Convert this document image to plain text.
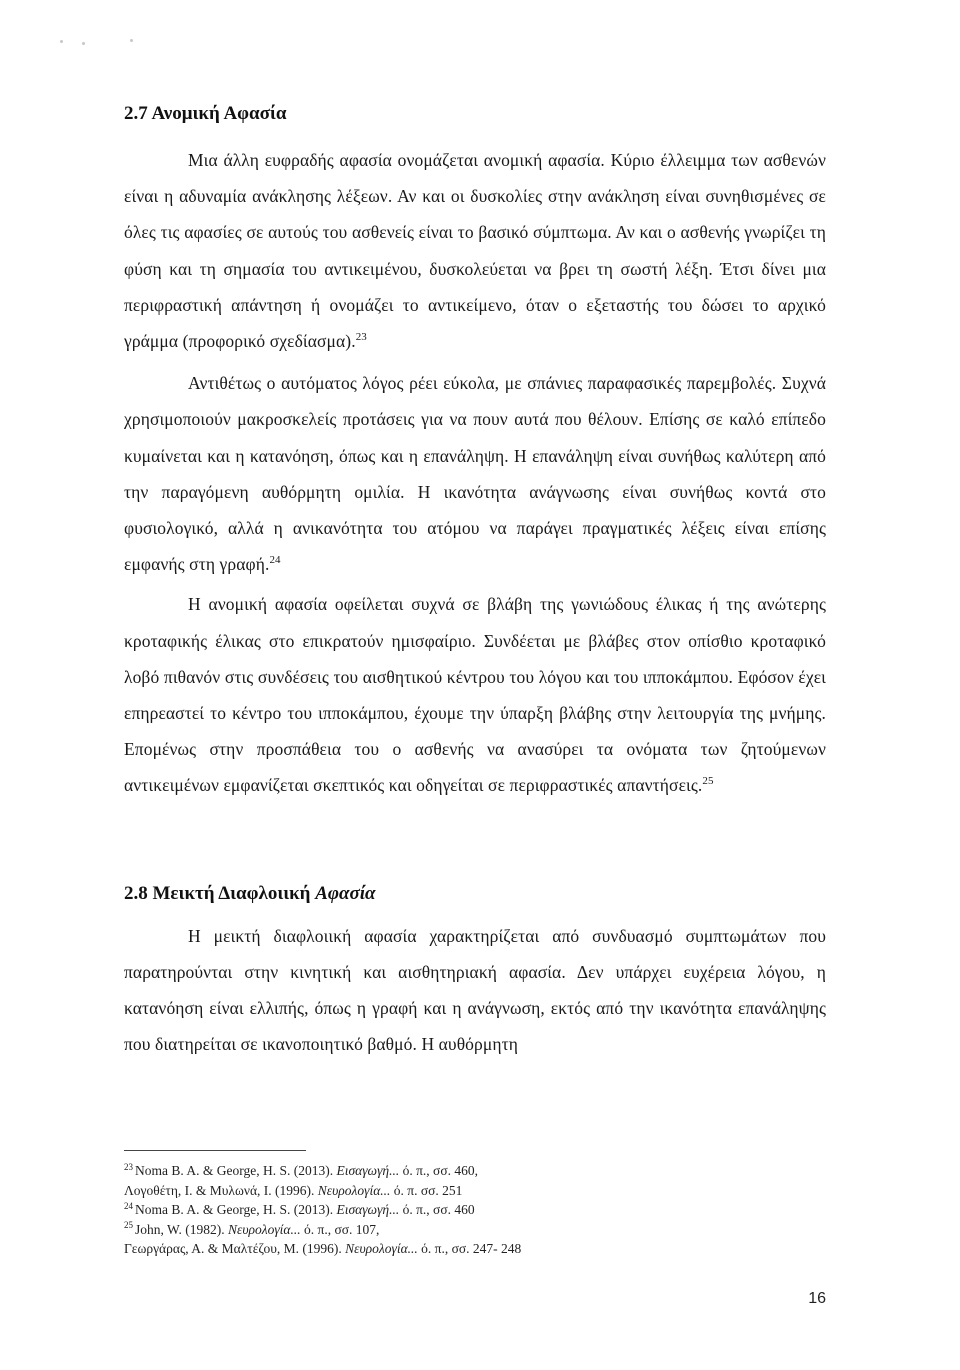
2.7 Ανομική Αφασία

Μια άλλη ευφραδής αφασία ονομάζεται ανομική αφασία. Κύριο έλλειμμα των ασθενών είναι η αδυναμία ανάκλησης λέξεων. Αν και οι δυσκολίες στην ανάκληση είναι συνηθισμένες σε όλες τις αφασίες σε αυτούς του ασθενείς είναι το βασικό σύμπτωμα. Αν και ο ασθενής γνωρίζει τη φύση και τη σημασία του αντικειμένου, δυσκολεύεται να βρει τη σωστή λέξη. Έτσι δίνει μια περιφραστική απάντηση ή ονομάζει το αντικείμενο, όταν ο εξεταστής του δώσει το αρχικό γράμμα (προφορικό σχεδίασμα).$^{23}$

Αντιθέτως ο αυτόματος λόγος ρέει εύκολα, με σπάνιες παραφασικές παρεμβολές. Συχνά χρησιμοποιούν μακροσκελείς προτάσεις για να πουν αυτά που θέλουν. Επίσης σε καλό επίπεδο κυμαίνεται και η κατανόηση, όπως και η επανάληψη. Η επανάληψη είναι συνήθως καλύτερη από την παραγόμενη αυθόρμητη ομιλία. Η ικανότητα ανάγνωσης είναι συνήθως κοντά στο φυσιολογικό, αλλά η ανικανότητα του ατόμου να παράγει πραγματικές λέξεις είναι επίσης εμφανής στη γραφή.$^{24}$

Η ανομική αφασία οφείλεται συχνά σε βλάβη της γωνιώδους έλικας ή της ανώτερης κροταφικής έλικας στο επικρατούν ημισφαίριο. Συνδέεται με βλάβες στον οπίσθιο κροταφικό λοβό πιθανόν στις συνδέσεις του αισθητικού κέντρου του λόγου και του ιπποκάμπου. Εφόσον έχει επηρεαστεί το κέντρο του ιπποκάμπου, έχουμε την ύπαρξη βλάβης στην λειτουργία της μνήμης. Επομένως στην προσπάθεια του ο ασθενής να ανασύρει τα ονόματα των ζητούμενων αντικειμένων εμφανίζεται σκεπτικός και οδηγείται σε περιφραστικές απαντήσεις.$^{25}$

2.8 Μεικτή Διαφλοιική Αφασία

Η μεικτή διαφλοιική αφασία χαρακτηρίζεται από συνδυασμό συμπτωμάτων που παρατηρούνται στην κινητική και αισθητηριακή αφασία. Δεν υπάρχει ευχέρεια λόγου, η κατανόηση είναι ελλιπής, όπως η γραφή και η ανάγνωση, εκτός από την ικανότητα επανάληψης που διατηρείται σε ικανοποιητικό βαθμό. Η αυθόρμητη

$^{23}$ Noma B. A. & George, H. S. (2013). Εισαγωγή... ό. π., σσ. 460,
Λογοθέτη, Ι. & Μυλωνά, Ι. (1996). Νευρολογία... ό. π. σσ. 251
$^{24}$ Noma B. A. & George, H. S. (2013). Εισαγωγή... ό. π., σσ. 460
$^{25}$ John, W. (1982). Νευρολογία... ό. π., σσ. 107,
Γεωργάρας, Α. & Μαλτέζου, Μ. (1996). Νευρολογία... ό. π., σσ. 247- 248
16
